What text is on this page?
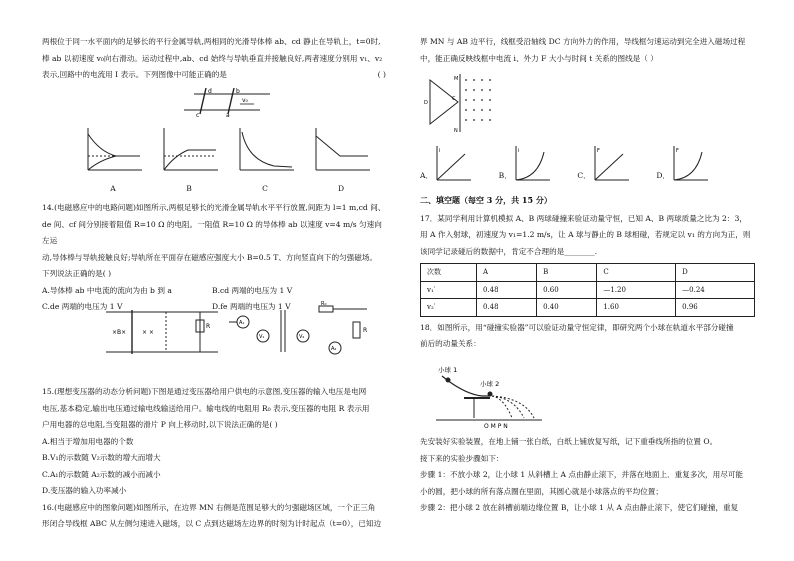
两根位于同一水平面内的足够长的平行金属导轨,两相同的光滑导体棒 ab、cd 静止在导轨上，t=0时,

棒 ab 以初速度 v₀向右滑动。运动过程中,ab、cd 始终与导轨垂直并接触良好,两者速度分别用 v₁、v₂

表示,回路中的电流用 I 表示。下列图像中可能正确的是	( )

d	b
c	a
v₀
A	B	C	D

14.(电磁感应中的电路问题)如图所示,两根足够长的光滑金属导轨水平平行放置,间距为 l=1 m,cd 间、

de 间、cf 间分别接着阻值 R=10 Ω 的电阻。一阻值 R=10 Ω 的导体棒 ab 以速度 v=4 m/s 匀速向左运

动,导体棒与导轨接触良好;导轨所在平面存在磁感应强度大小 B=0.5 T、方向竖直向下的匀强磁场。

下列说法正确的是( )

A.导体棒 ab 中电流的流向为由 b 到 a	B.cd 两端的电压为 1 V
C.de 两端的电压为 1 V	D.fe 两端的电压为 1 V
×B×	× ×
R	A₁
V₁	V₂
R₀
A₂
R

15.(理想变压器的动态分析问题)下图是通过变压器给用户供电的示意图,变压器的输入电压是电网

电压,基本稳定,输出电压通过输电线输送给用户。输电线的电阻用 R₀ 表示,变压器的电阻 R 表示用

户用电器的总电阻,当变阻器的滑片 P 向上移动时,以下说法正确的是( )

A.相当于增加用电器的个数

B.V₁的示数随 V₂示数的增大而增大

C.A₁的示数随 A₂示数的减小而减小

D.变压器的输入功率减小

16.(电磁感应中的图象问题)如图所示，在边界 MN 右侧是范围足够大的匀强磁场区域，一个正三角

形闭合导线框 ABC 从左侧匀速进入磁场，以 C 点到达磁场左边界的时刻为计时起点（t=0），已知边

界 MN 与 AB 边平行，线框受沿轴线 DC 方向外力的作用，导线框匀速运动到完全进入磁场过程

中，能正确反映线框中电流 i、外力 F 大小与时间 t 关系的图线是（ ）

M
N
D
C
A．
i
B．
i
C．
F
D．
F

二、填空题（每空 3 分，共 15 分）

17．某同学利用计算机模拟 A、B 两球碰撞来验证动量守恒，已知 A、B 两球质量之比为 2：3，

用 A 作入射球，初速度为 v₁=1.2 m/s，让 A 球与静止的 B 球相碰，若规定以 v₁ 的方向为正，则

该同学记录碰后的数据中，肯定不合理的是________.

次数	A	B	C	D
v₁′	0.48	0.60	—1.20	—0.24
v₂′	0.48	0.40	1.60	0.96

18．如图所示，用“碰撞实验器”可以验证动量守恒定律，即研究两个小球在轨道水平部分碰撞

前后的动量关系：

小球 1
小球 2
O M P N

先安装好实验装置，在地上铺一张白纸，白纸上铺放复写纸，记下重垂线所指的位置 O。

接下来的实验步骤如下：

步骤 1：不放小球 2，让小球 1 从斜槽上 A 点由静止滚下，并落在地面上．重复多次，用尽可能

小的圆，把小球的所有落点圈在里面，其圆心就是小球落点的平均位置；

步骤 2：把小球 2 放在斜槽前端边缘位置 B，让小球 1 从 A 点由静止滚下，使它们碰撞，重复
